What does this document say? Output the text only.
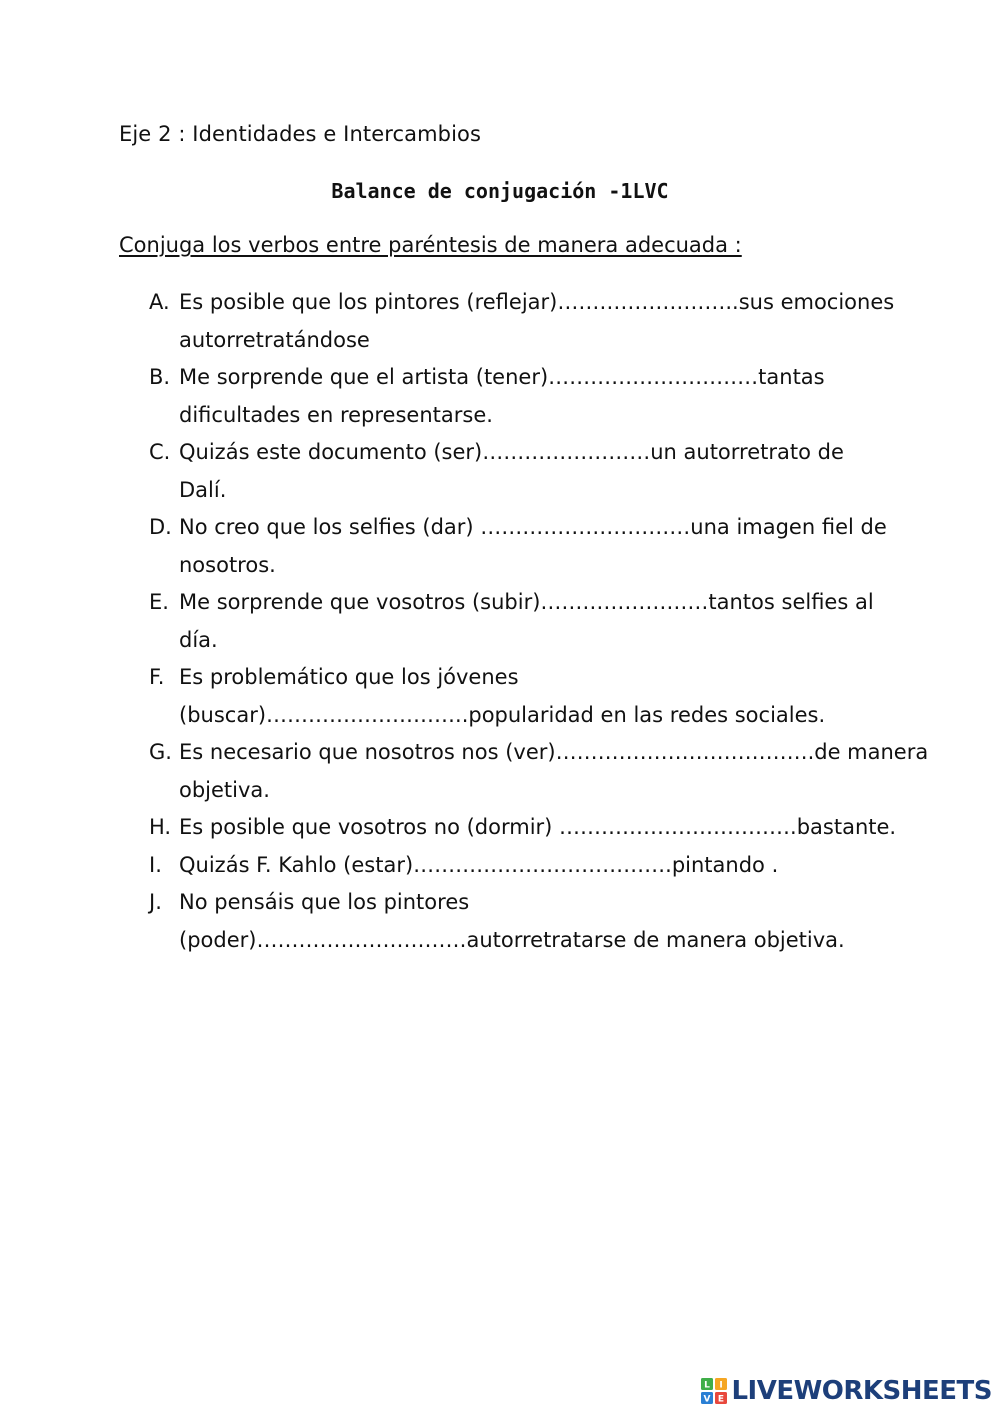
Eje 2 : Identidades e Intercambios
Balance de conjugación -1LVC
Conjuga los verbos entre paréntesis de manera adecuada :
A. Es posible que los pintores (reflejar)……………………..sus emociones
autorretratándose
B. Me sorprende que el artista (tener)…………………………tantas
dificultades en representarse.
C. Quizás este documento (ser)……………………un autorretrato de
Dalí.
D. No creo que los selfies (dar) …………………………una imagen fiel de
nosotros.
E. Me sorprende que vosotros (subir)……………………tantos selfies al
día.
F. Es problemático que los jóvenes
(buscar)………………………..popularidad en las redes sociales.
G. Es necesario que nosotros nos (ver)……………………………….de manera
objetiva.
H. Es posible que vosotros no (dormir) …………………………….bastante.
I. Quizás F. Kahlo (estar)……………………………….pintando .
J. No pensáis que los pintores
(poder)…………………………autorretratarse de manera objetiva.
L I
V E LIVEWORKSHEETS
